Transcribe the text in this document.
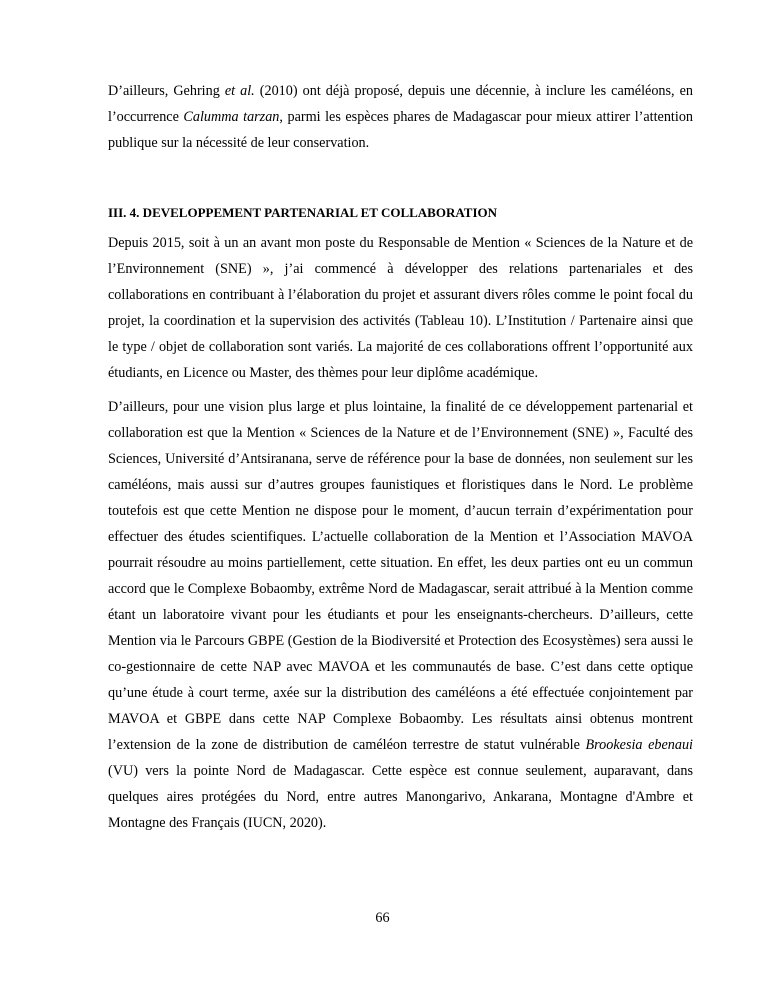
D’ailleurs, Gehring et al. (2010) ont déjà proposé, depuis une décennie, à inclure les caméléons, en l’occurrence Calumma tarzan, parmi les espèces phares de Madagascar pour mieux attirer l’attention publique sur la nécessité de leur conservation.

III. 4. DEVELOPPEMENT PARTENARIAL ET COLLABORATION

Depuis 2015, soit à un an avant mon poste du Responsable de Mention « Sciences de la Nature et de l’Environnement (SNE) », j’ai commencé à développer des relations partenariales et des collaborations en contribuant à l’élaboration du projet et assurant divers rôles comme le point focal du projet, la coordination et la supervision des activités (Tableau 10). L’Institution / Partenaire ainsi que le type / objet de collaboration sont variés. La majorité de ces collaborations offrent l’opportunité aux étudiants, en Licence ou Master, des thèmes pour leur diplôme académique.

D’ailleurs, pour une vision plus large et plus lointaine, la finalité de ce développement partenarial et collaboration est que la Mention « Sciences de la Nature et de l’Environnement (SNE) », Faculté des Sciences, Université d’Antsiranana, serve de référence pour la base de données, non seulement sur les caméléons, mais aussi sur d’autres groupes faunistiques et floristiques dans le Nord. Le problème toutefois est que cette Mention ne dispose pour le moment, d’aucun terrain d’expérimentation pour effectuer des études scientifiques. L’actuelle collaboration de la Mention et l’Association MAVOA pourrait résoudre au moins partiellement, cette situation. En effet, les deux parties ont eu un commun accord que le Complexe Bobaomby, extrême Nord de Madagascar, serait attribué à la Mention comme étant un laboratoire vivant pour les étudiants et pour les enseignants-chercheurs. D’ailleurs, cette Mention via le Parcours GBPE (Gestion de la Biodiversité et Protection des Ecosystèmes) sera aussi le co-gestionnaire de cette NAP avec MAVOA et les communautés de base. C’est dans cette optique qu’une étude à court terme, axée sur la distribution des caméléons a été effectuée conjointement par MAVOA et GBPE dans cette NAP Complexe Bobaomby. Les résultats ainsi obtenus montrent l’extension de la zone de distribution de caméléon terrestre de statut vulnérable Brookesia ebenaui (VU) vers la pointe Nord de Madagascar. Cette espèce est connue seulement, auparavant, dans quelques aires protégées du Nord, entre autres Manongarivo, Ankarana, Montagne d'Ambre et Montagne des Français (IUCN, 2020).

66
